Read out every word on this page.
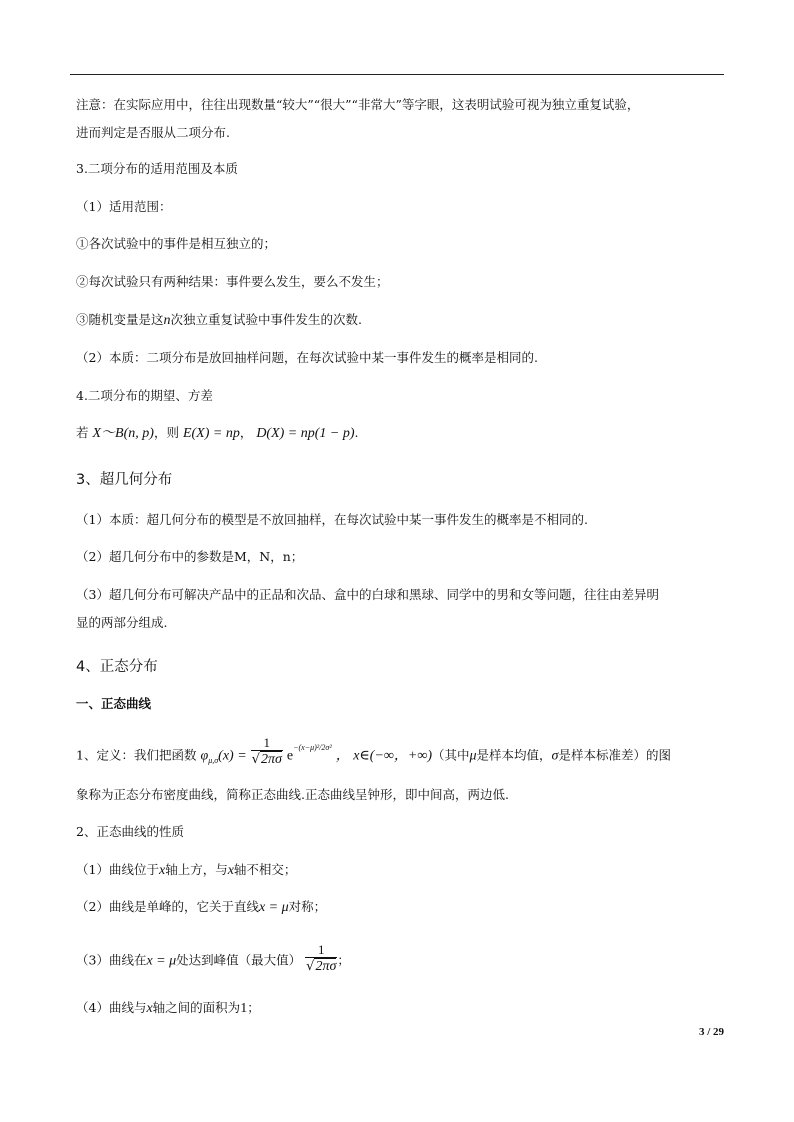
注意：在实际应用中，往往出现数量“较大”“很大”“非常大”等字眼，这表明试验可视为独立重复试验，
进而判定是否服从二项分布.
3.二项分布的适用范围及本质
（1）适用范围：
①各次试验中的事件是相互独立的；
②每次试验只有两种结果：事件要么发生，要么不发生；
③随机变量是这n次独立重复试验中事件发生的次数.
（2）本质：二项分布是放回抽样问题，在每次试验中某一事件发生的概率是相同的.
4.二项分布的期望、方差
若 X～B(n, p)，则 E(X) = np， D(X) = np(1 − p).
3、超几何分布
（1）本质：超几何分布的模型是不放回抽样，在每次试验中某一事件发生的概率是不相同的.
（2）超几何分布中的参数是M，N，n；
（3）超几何分布可解决产品中的正品和次品、盒中的白球和黑球、同学中的男和女等问题，往往由差异明
显的两部分组成.
4、正态分布
一、正态曲线
1、定义：我们把函数 $\varphi_{\mu,\sigma}(x) = \frac{1}{√2\pi\sigma} e^{-(x-\mu)^2/2\sigma^2}$ ， x∈(−∞，+∞)（其中μ是样本均值，σ是样本标准差）的图
象称为正态分布密度曲线，简称正态曲线.正态曲线呈钟形，即中间高，两边低.
2、正态曲线的性质
（1）曲线位于x轴上方，与x轴不相交；
（2）曲线是单峰的，它关于直线x = μ对称；
（3）曲线在x = μ处达到峰值（最大值） $\frac{1}{√2\pi\sigma}$ ；
（4）曲线与x轴之间的面积为1；
3 / 29
